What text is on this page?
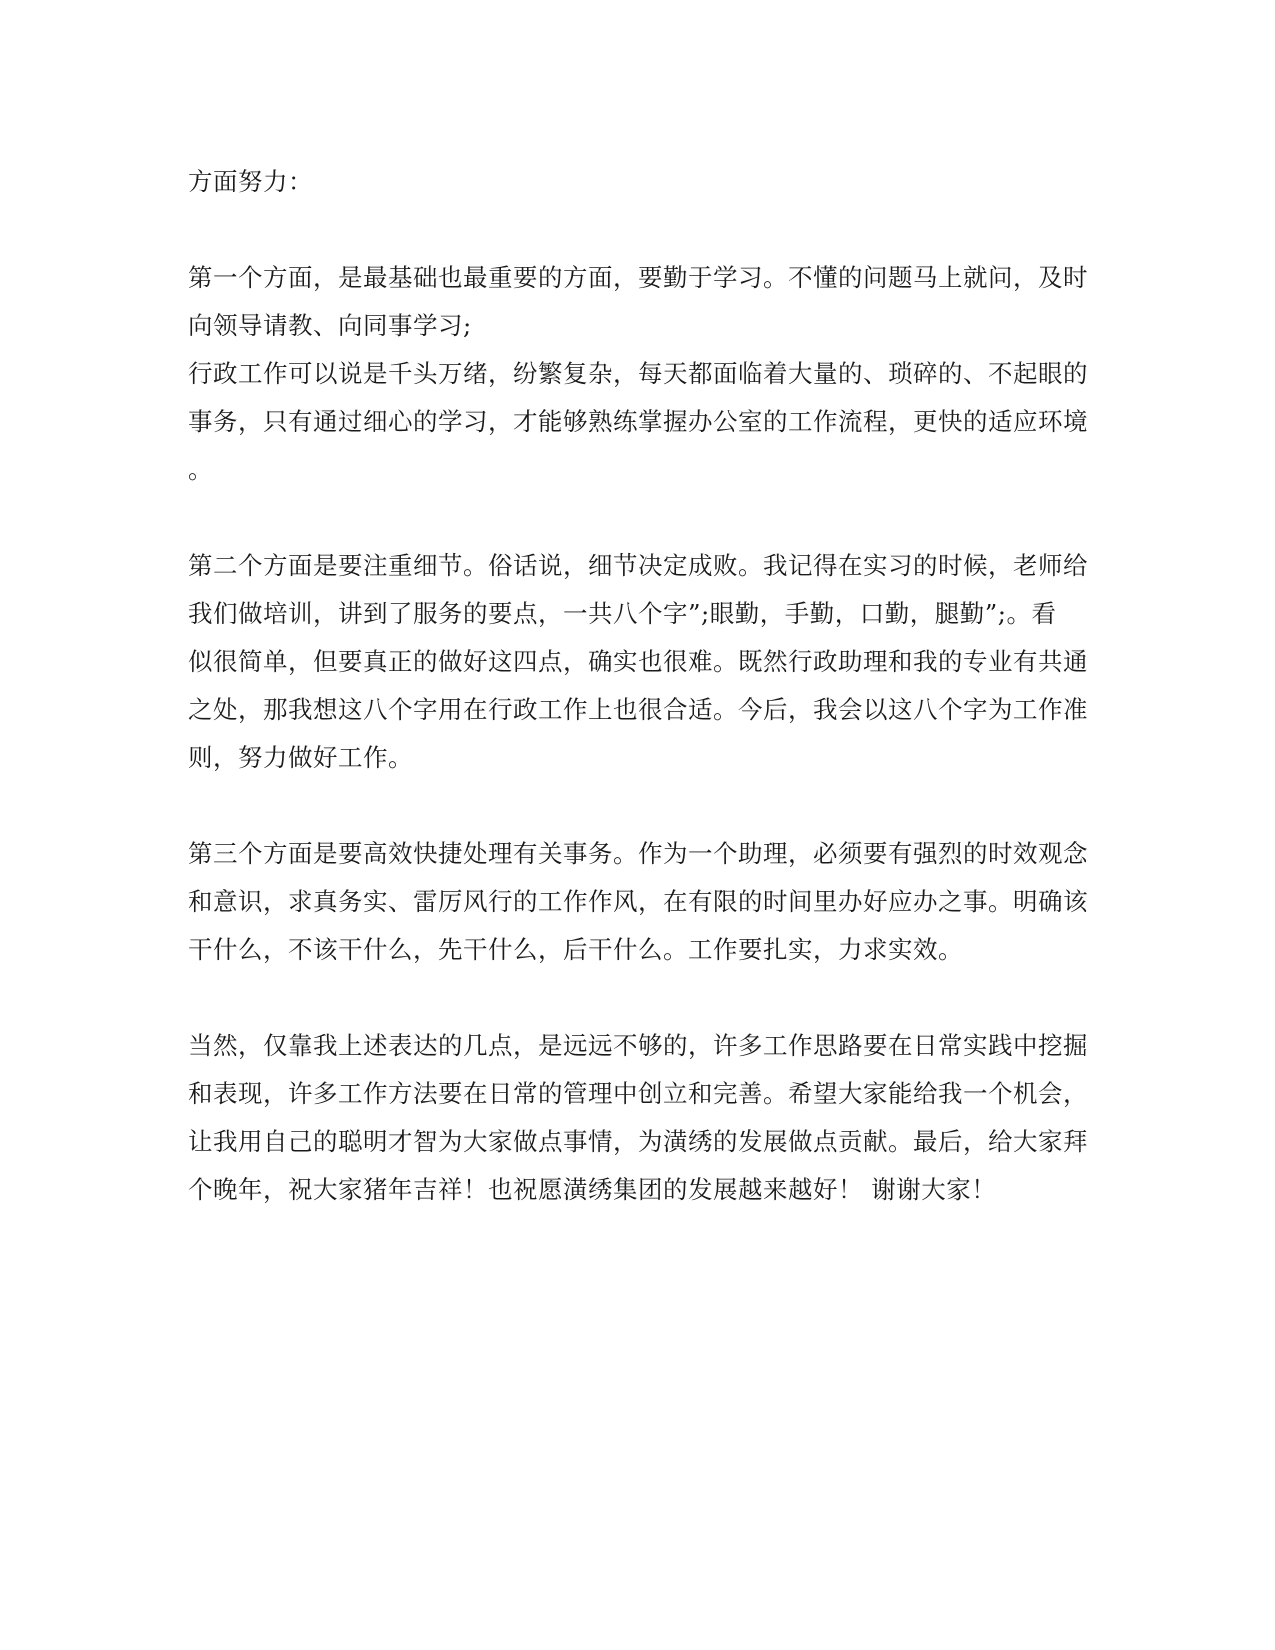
方面努力：
第一个方面，是最基础也最重要的方面，要勤于学习。不懂的问题马上就问，及时
向领导请教、向同事学习;
行政工作可以说是千头万绪，纷繁复杂，每天都面临着大量的、琐碎的、不起眼的
事务，只有通过细心的学习，才能够熟练掌握办公室的工作流程，更快的适应环境
。
第二个方面是要注重细节。俗话说，细节决定成败。我记得在实习的时候，老师给
我们做培训，讲到了服务的要点，一共八个字”;眼勤，手勤，口勤，腿勤”;。看
似很简单，但要真正的做好这四点，确实也很难。既然行政助理和我的专业有共通
之处，那我想这八个字用在行政工作上也很合适。今后，我会以这八个字为工作准
则，努力做好工作。
第三个方面是要高效快捷处理有关事务。作为一个助理，必须要有强烈的时效观念
和意识，求真务实、雷厉风行的工作作风，在有限的时间里办好应办之事。明确该
干什么，不该干什么，先干什么，后干什么。工作要扎实，力求实效。
当然，仅靠我上述表达的几点，是远远不够的，许多工作思路要在日常实践中挖掘
和表现，许多工作方法要在日常的管理中创立和完善。希望大家能给我一个机会，
让我用自己的聪明才智为大家做点事情，为潢绣的发展做点贡献。最后，给大家拜
个晚年，祝大家猪年吉祥！也祝愿潢绣集团的发展越来越好！ 谢谢大家！
